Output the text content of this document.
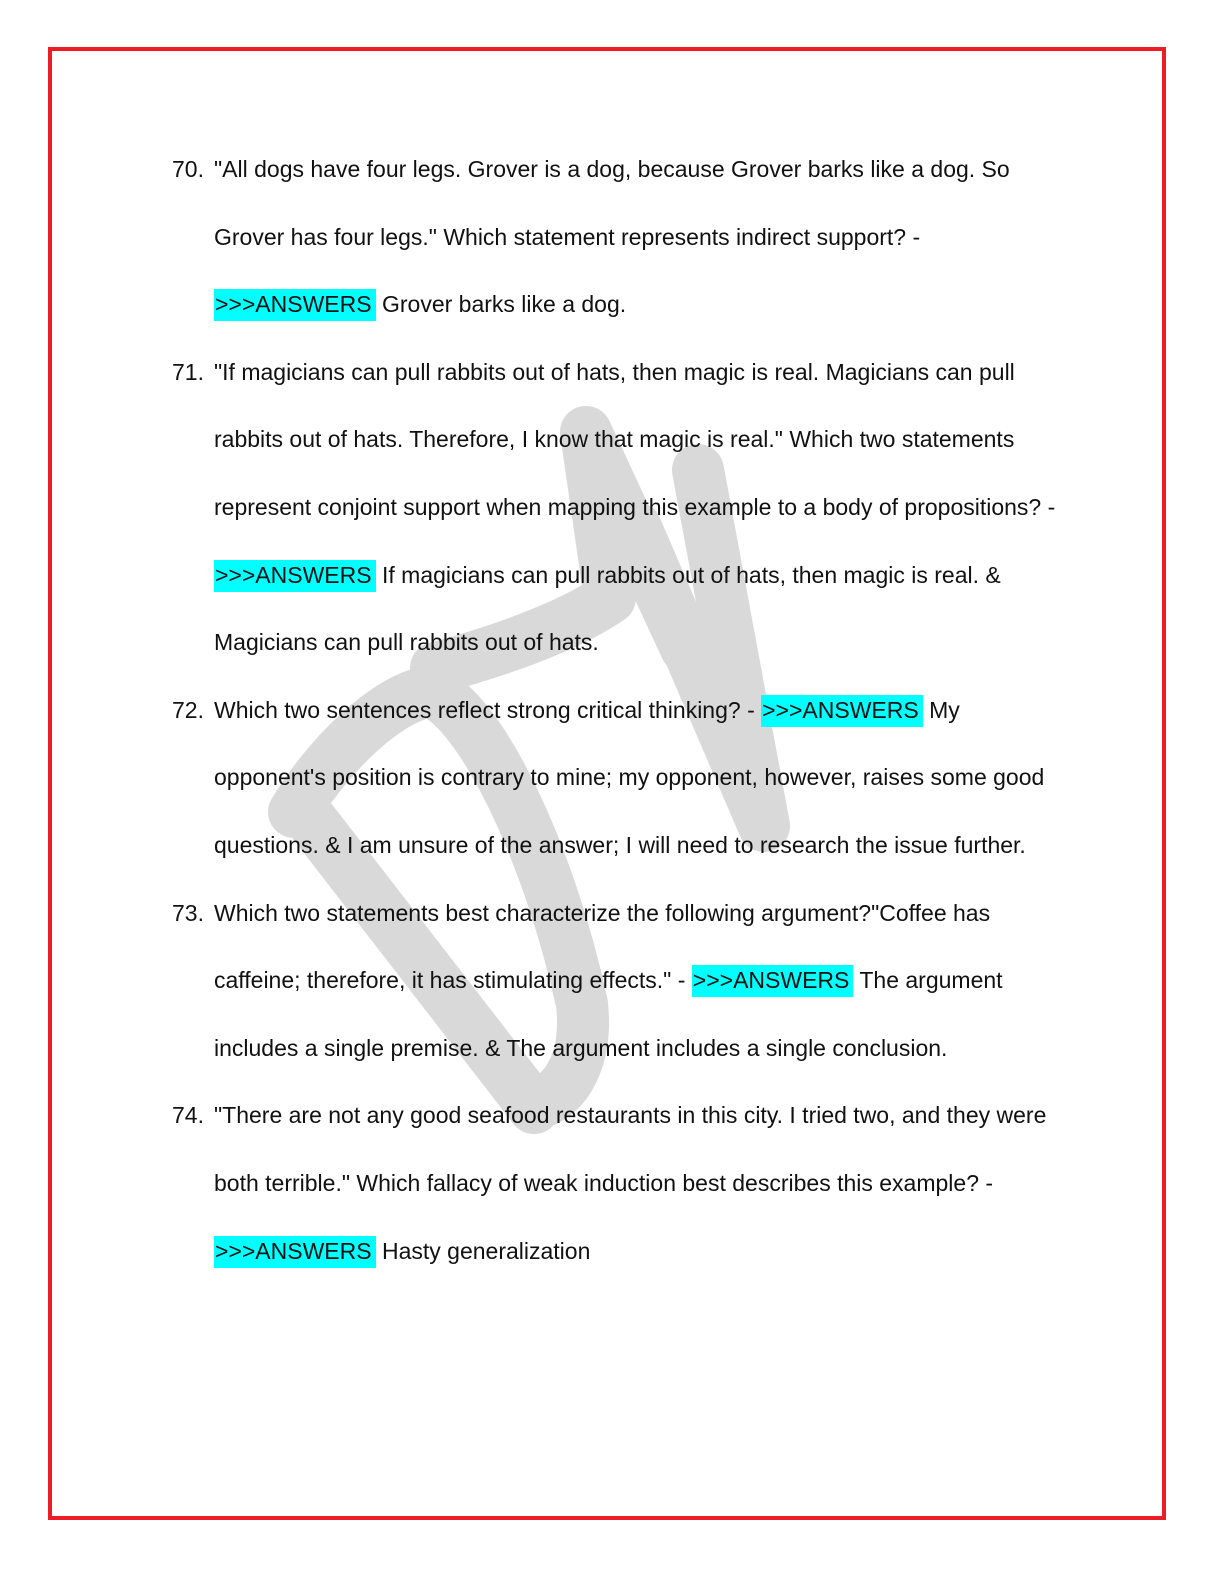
70. "All dogs have four legs. Grover is a dog, because Grover barks like a dog. So Grover has four legs." Which statement represents indirect support? - >>>ANSWERS Grover barks like a dog.
71. "If magicians can pull rabbits out of hats, then magic is real. Magicians can pull rabbits out of hats. Therefore, I know that magic is real." Which two statements represent conjoint support when mapping this example to a body of propositions? - >>>ANSWERS If magicians can pull rabbits out of hats, then magic is real. & Magicians can pull rabbits out of hats.
72. Which two sentences reflect strong critical thinking? - >>>ANSWERS My opponent's position is contrary to mine; my opponent, however, raises some good questions. & I am unsure of the answer; I will need to research the issue further.
73. Which two statements best characterize the following argument?"Coffee has caffeine; therefore, it has stimulating effects." - >>>ANSWERS The argument includes a single premise. & The argument includes a single conclusion.
74. "There are not any good seafood restaurants in this city. I tried two, and they were both terrible." Which fallacy of weak induction best describes this example? - >>>ANSWERS Hasty generalization
